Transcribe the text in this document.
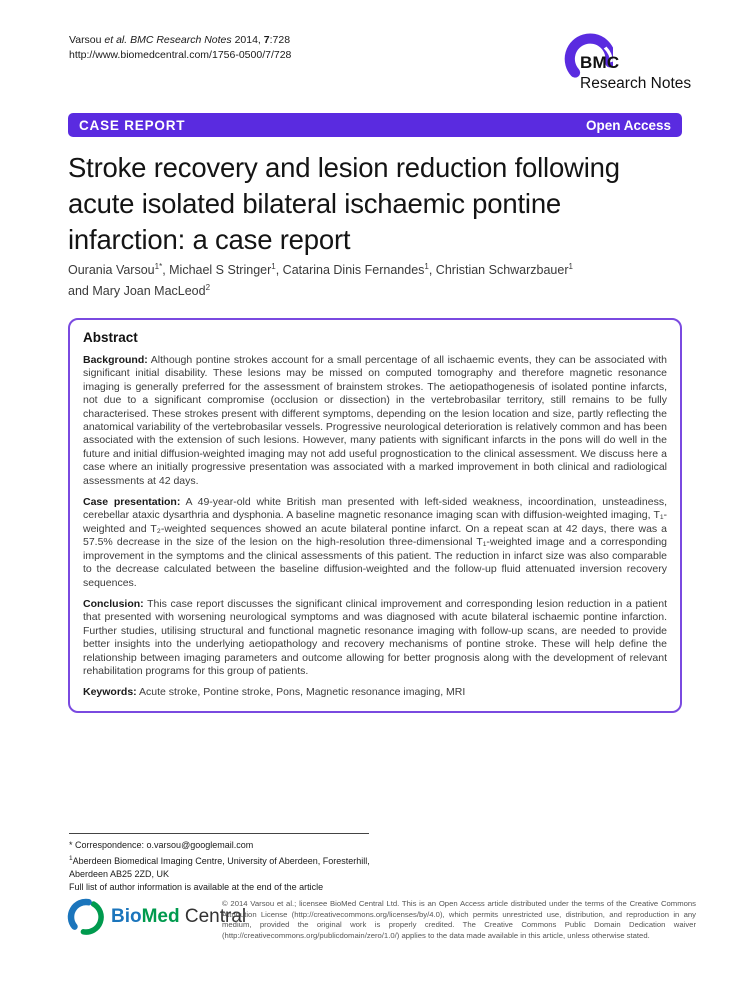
Varsou et al. BMC Research Notes 2014, 7:728
http://www.biomedcentral.com/1756-0500/7/728	BMC
Research Notes
CASE REPORT	Open Access
Stroke recovery and lesion reduction following
acute isolated bilateral ischaemic pontine
infarction: a case report
Ourania Varsou$^{1*}$, Michael S Stringer$^1$, Catarina Dinis Fernandes$^1$, Christian Schwarzbauer$^1$
and Mary Joan MacLeod$^2$
Abstract

Background: Although pontine strokes account for a small percentage of all ischaemic events, they can be associated with significant initial disability. These lesions may be missed on computed tomography and therefore magnetic resonance imaging is generally preferred for the assessment of brainstem strokes. The aetiopathogenesis of isolated pontine infarcts, not due to a significant compromise (occlusion or dissection) in the vertebrobasilar territory, still remains to be fully characterised. These strokes present with different symptoms, depending on the lesion location and size, partly reflecting the anatomical variability of the vertebrobasilar vessels. Progressive neurological deterioration is relatively common and has been associated with the extension of such lesions. However, many patients with significant infarcts in the pons will do well in the future and initial diffusion-weighted imaging may not add useful prognostication to the clinical assessment. We discuss here a case where an initially progressive presentation was associated with a marked improvement in both clinical and radiological assessments at 42 days.

Case presentation: A 49-year-old white British man presented with left-sided weakness, incoordination, unsteadiness, cerebellar ataxic dysarthria and dysphonia. A baseline magnetic resonance imaging scan with diffusion-weighted imaging, T₁-weighted and T₂-weighted sequences showed an acute bilateral pontine infarct. On a repeat scan at 42 days, there was a 57.5% decrease in the size of the lesion on the high-resolution three-dimensional T₁-weighted image and a corresponding improvement in the symptoms and the clinical assessments of this patient. The reduction in infarct size was also comparable to the decrease calculated between the baseline diffusion-weighted and the follow-up fluid attenuated inversion recovery sequences.

Conclusion: This case report discusses the significant clinical improvement and corresponding lesion reduction in a patient that presented with worsening neurological symptoms and was diagnosed with acute bilateral ischaemic pontine infarction. Further studies, utilising structural and functional magnetic resonance imaging with follow-up scans, are needed to provide better insights into the underlying aetiopathology and recovery mechanisms of pontine stroke. These will help define the relationship between imaging parameters and outcome allowing for better prognosis along with the development of relevant rehabilitation programs for this group of patients.

Keywords: Acute stroke, Pontine stroke, Pons, Magnetic resonance imaging, MRI

* Correspondence: o.varsou@googlemail.com
$^1$Aberdeen Biomedical Imaging Centre, University of Aberdeen, Foresterhill, Aberdeen AB25 2ZD, UK
Full list of author information is available at the end of the article
BioMed Central
© 2014 Varsou et al.; licensee BioMed Central Ltd. This is an Open Access article distributed under the terms of the Creative Commons Attribution License (http://creativecommons.org/licenses/by/4.0), which permits unrestricted use, distribution, and reproduction in any medium, provided the original work is properly credited. The Creative Commons Public Domain Dedication waiver (http://creativecommons.org/publicdomain/zero/1.0/) applies to the data made available in this article, unless otherwise stated.
